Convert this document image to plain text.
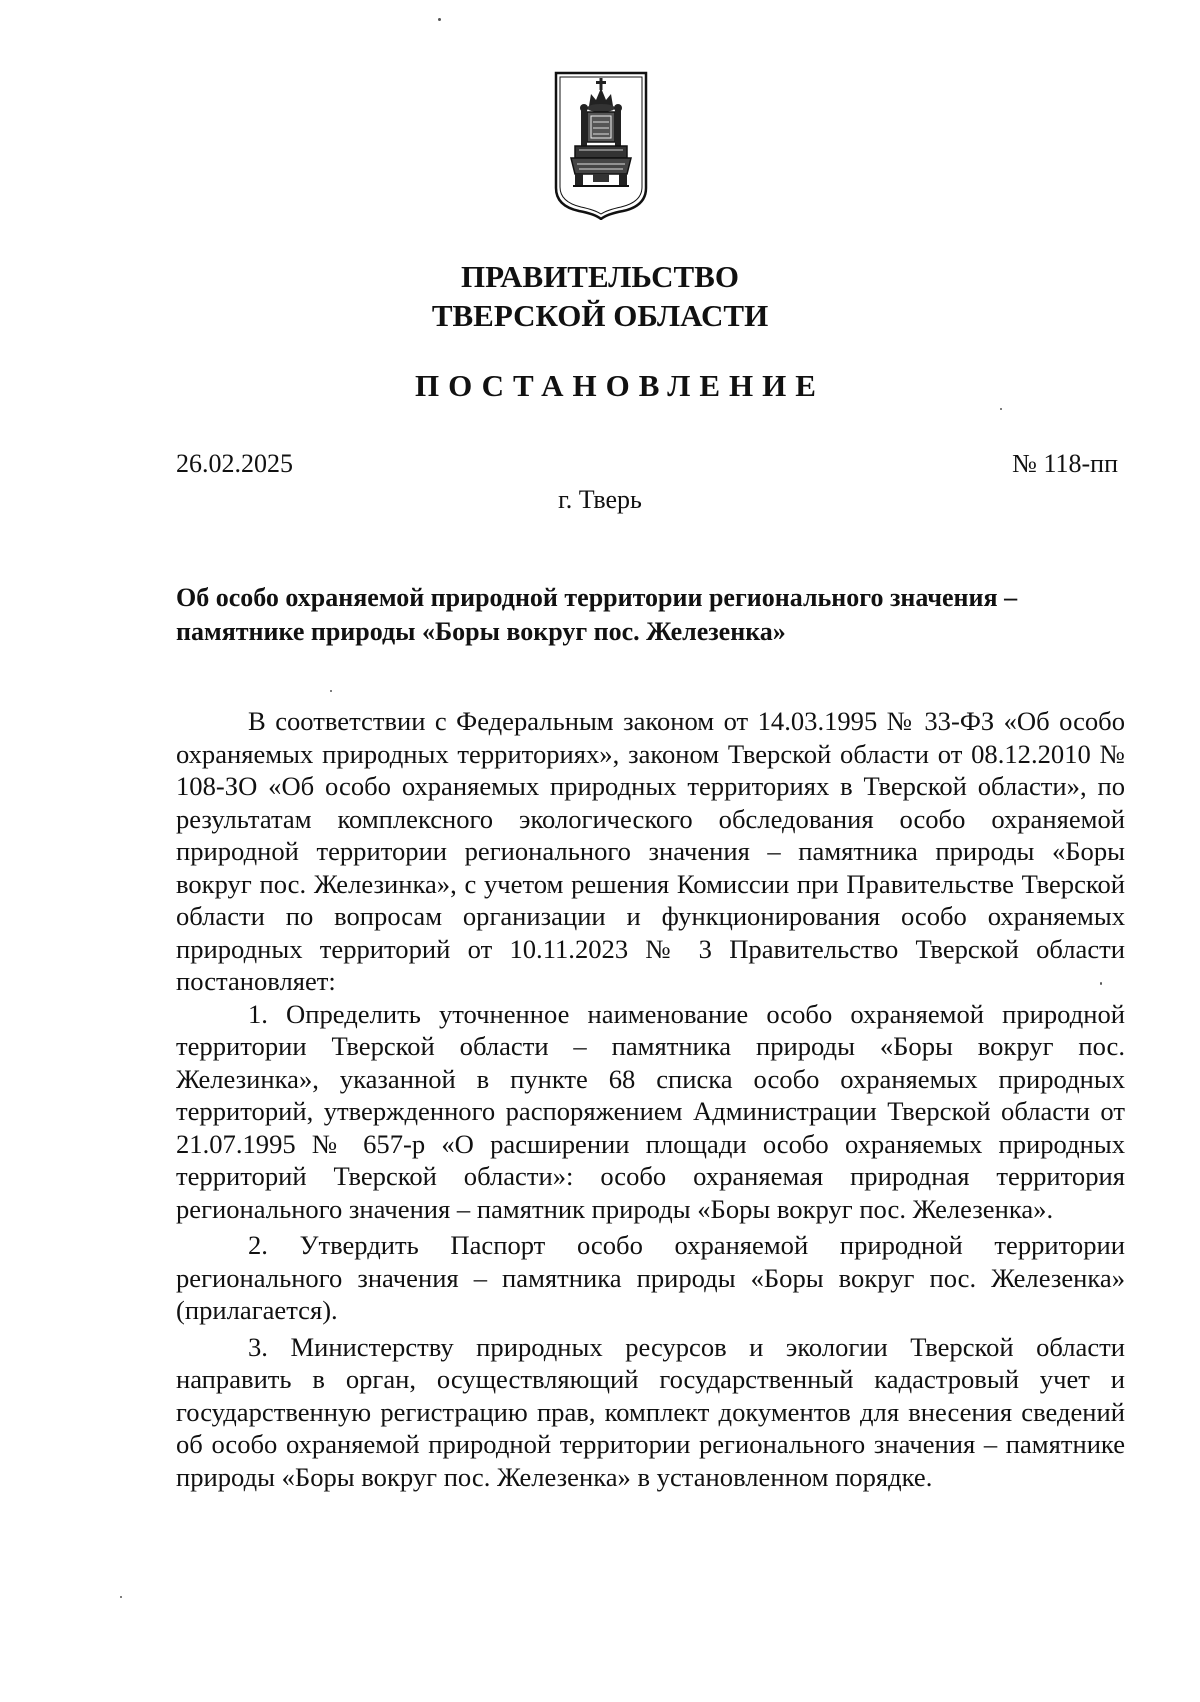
ПРАВИТЕЛЬСТВО
ТВЕРСКОЙ ОБЛАСТИ
ПОСТАНОВЛЕНИЕ
26.02.2025	№ 118-пп
г. Тверь
Об особо охраняемой природной территории регионального значения –
памятнике природы «Боры вокруг пос. Железенка»

В соответствии с Федеральным законом от 14.03.1995 № 33-ФЗ «Об особо охраняемых природных территориях», законом Тверской области от 08.12.2010 № 108-ЗО «Об особо охраняемых природных территориях в Тверской области», по результатам комплексного экологического обследования особо охраняемой природной территории регионального значения – памятника природы «Боры вокруг пос. Железинка», с учетом решения Комиссии при Правительстве Тверской области по вопросам организации и функционирования особо охраняемых природных территорий от 10.11.2023 № 3 Правительство Тверской области постановляет:

1. Определить уточненное наименование особо охраняемой природной территории Тверской области – памятника природы «Боры вокруг пос. Железинка», указанной в пункте 68 списка особо охраняемых природных территорий, утвержденного распоряжением Администрации Тверской области от 21.07.1995 № 657-р «О расширении площади особо охраняемых природных территорий Тверской области»: особо охраняемая природная территория регионального значения – памятник природы «Боры вокруг пос. Железенка».

2. Утвердить Паспорт особо охраняемой природной территории регионального значения – памятника природы «Боры вокруг пос. Железенка» (прилагается).

3. Министерству природных ресурсов и экологии Тверской области направить в орган, осуществляющий государственный кадастровый учет и государственную регистрацию прав, комплект документов для внесения сведений об особо охраняемой природной территории регионального значения – памятнике природы «Боры вокруг пос. Железенка» в установленном порядке.
